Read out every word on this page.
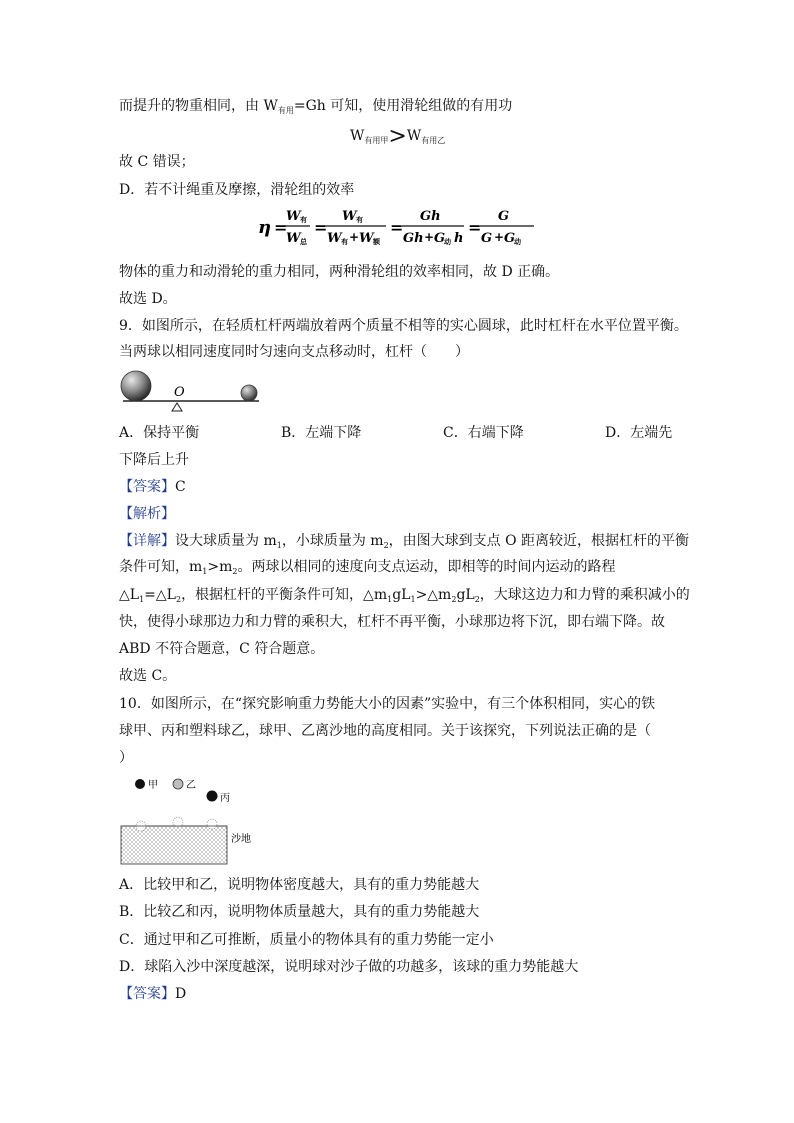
而提升的物重相同，由 $W_{有用}=Gh$ 可知，使用滑轮组做的有用功
$W_{有用甲}>W_{有用乙}$
故 C 错误；
D．若不计绳重及摩擦，滑轮组的效率
η =
W 有
W 总
=
W 有
W 有 + W 额
=
Gh
Gh + G
动 h
=
G
G + G
动
物体的重力和动滑轮的重力相同，两种滑轮组的效率相同，故 D 正确。
故选 D。
9．如图所示，在轻质杠杆两端放着两个质量不相等的实心圆球，此时杠杆在水平位置平衡。
当两球以相同速度同时匀速向支点移动时，杠杆（　　）
O
A．保持平衡	B．左端下降	C．右端下降	D．左端先
下降后上升
【答案】C
【解析】
【详解】设大球质量为 $m_1$，小球质量为 $m_2$，由图大球到支点 O 距离较近，根据杠杆的平衡
条件可知，$m_1>m_2$。两球以相同的速度向支点运动，即相等的时间内运动的路程
$\triangle L_1=\triangle L_2$，根据杠杆的平衡条件可知，$\triangle m_1gL_1>\triangle m_2gL_2$，大球这边力和力臂的乘积减小的
快，使得小球那边力和力臂的乘积大，杠杆不再平衡，小球那边将下沉，即右端下降。故
ABD 不符合题意，C 符合题意。
故选 C。
10．如图所示，在“探究影响重力势能大小的因素”实验中，有三个体积相同，实心的铁
球甲、丙和塑料球乙，球甲、乙离沙地的高度相同。关于该探究，下列说法正确的是（
）
甲	乙
丙
沙地
A．比较甲和乙，说明物体密度越大，具有的重力势能越大
B．比较乙和丙，说明物体质量越大，具有的重力势能越大
C．通过甲和乙可推断，质量小的物体具有的重力势能一定小
D．球陷入沙中深度越深，说明球对沙子做的功越多，该球的重力势能越大
【答案】D
